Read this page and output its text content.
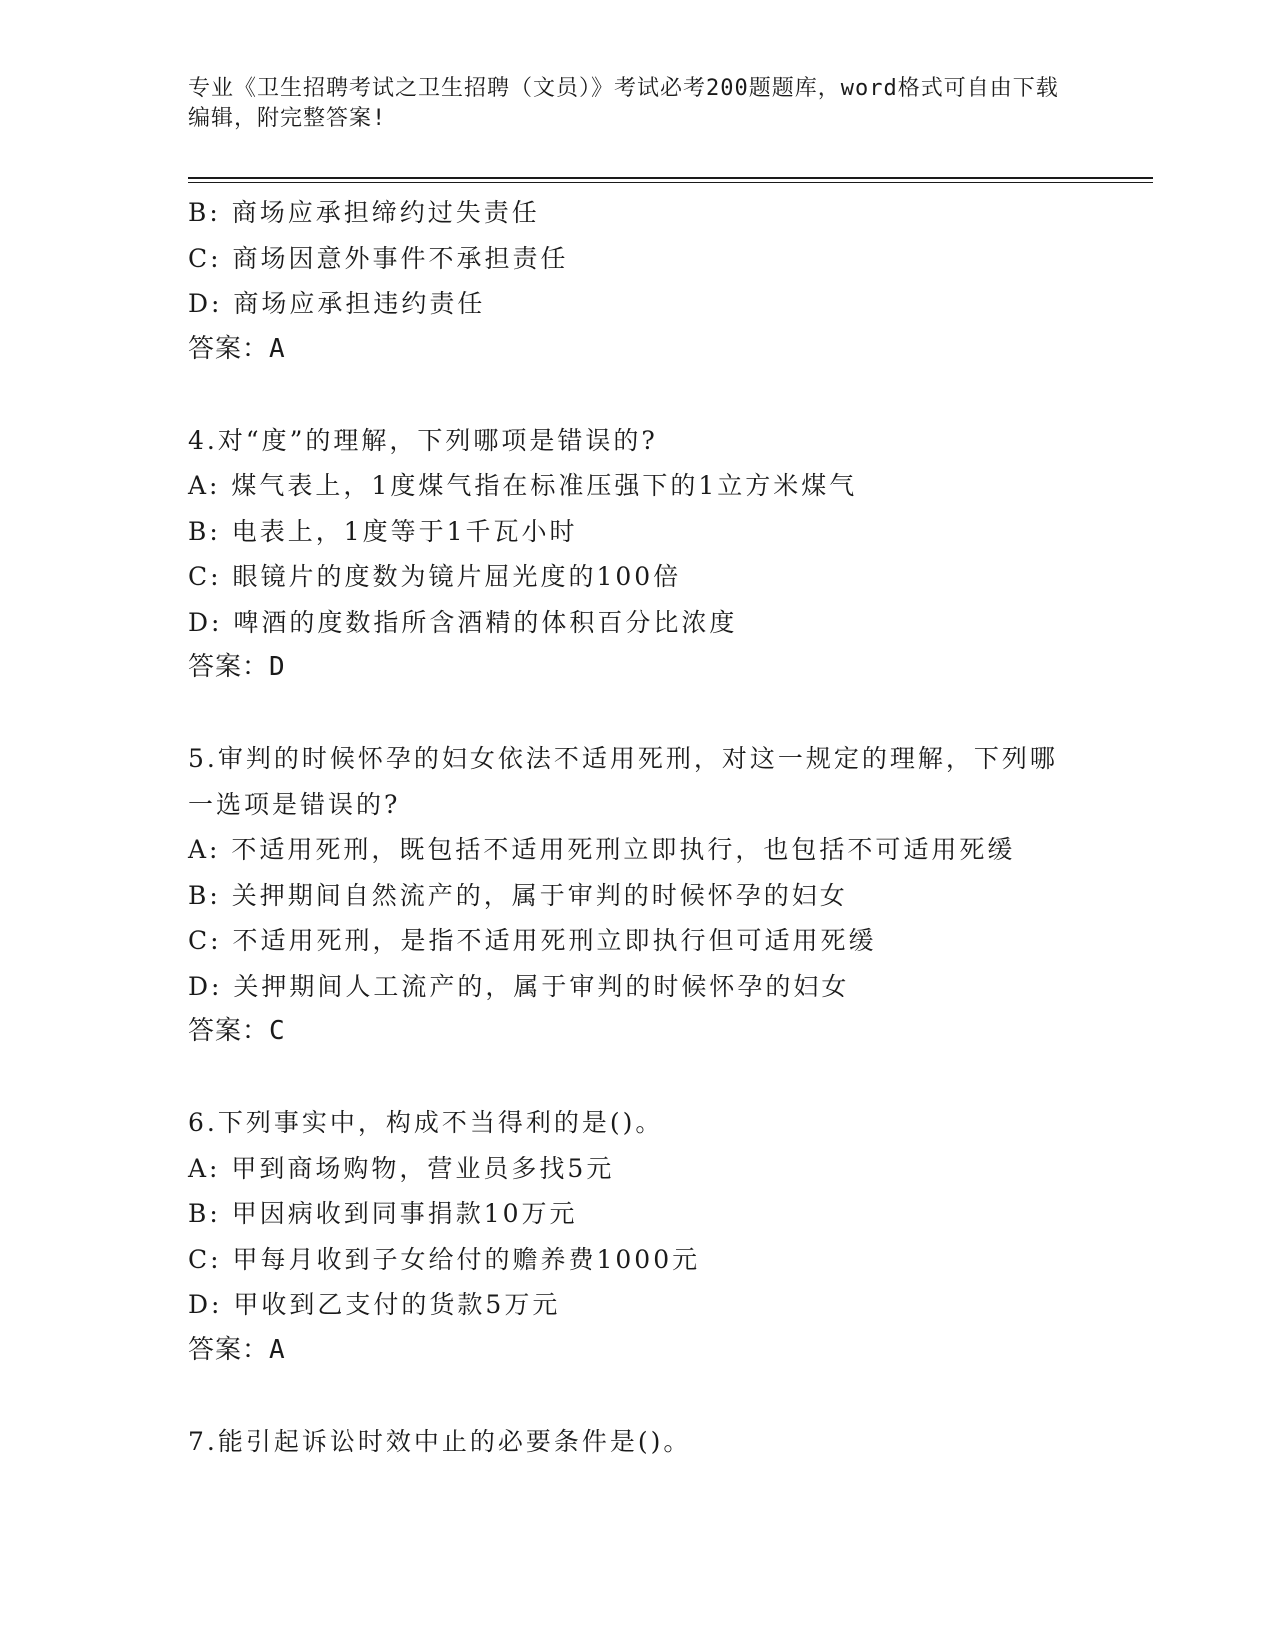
专业《卫生招聘考试之卫生招聘（文员）》考试必考200题题库，word格式可自由下载编辑，附完整答案!
B: 商场应承担缔约过失责任
C: 商场因意外事件不承担责任
D: 商场应承担违约责任
答案：A
4.对“度”的理解，下列哪项是错误的?
A: 煤气表上，1度煤气指在标准压强下的1立方米煤气
B: 电表上，1度等于1千瓦小时
C: 眼镜片的度数为镜片屈光度的100倍
D: 啤酒的度数指所含酒精的体积百分比浓度
答案：D
5.审判的时候怀孕的妇女依法不适用死刑，对这一规定的理解，下列哪一选项是错误的?
A: 不适用死刑，既包括不适用死刑立即执行，也包括不可适用死缓
B: 关押期间自然流产的，属于审判的时候怀孕的妇女
C: 不适用死刑，是指不适用死刑立即执行但可适用死缓
D: 关押期间人工流产的，属于审判的时候怀孕的妇女
答案：C
6.下列事实中，构成不当得利的是()。
A: 甲到商场购物，营业员多找5元
B: 甲因病收到同事捐款10万元
C: 甲每月收到子女给付的赡养费1000元
D: 甲收到乙支付的货款5万元
答案：A
7.能引起诉讼时效中止的必要条件是()。
